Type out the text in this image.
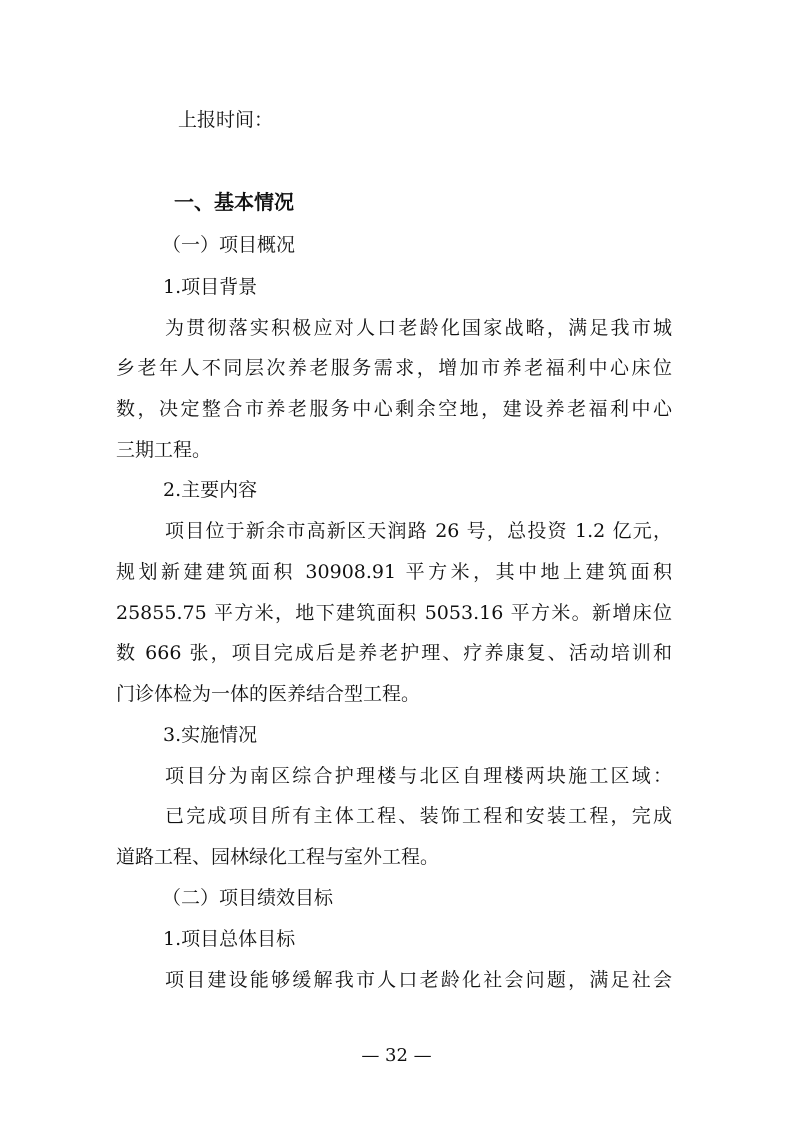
上报时间：
一、基本情况
（一）项目概况
1.项目背景
为贯彻落实积极应对人口老龄化国家战略，满足我市城
乡老年人不同层次养老服务需求，增加市养老福利中心床位
数，决定整合市养老服务中心剩余空地，建设养老福利中心
三期工程。
2.主要内容
项目位于新余市高新区天润路 26 号，总投资 1.2 亿元，
规划新建建筑面积 30908.91 平方米，其中地上建筑面积
25855.75 平方米，地下建筑面积 5053.16 平方米。新增床位
数 666 张，项目完成后是养老护理、疗养康复、活动培训和
门诊体检为一体的医养结合型工程。
3.实施情况
项目分为南区综合护理楼与北区自理楼两块施工区域：
已完成项目所有主体工程、装饰工程和安装工程，完成
道路工程、园林绿化工程与室外工程。
（二）项目绩效目标
1.项目总体目标
项目建设能够缓解我市人口老龄化社会问题，满足社会
— 32 —
